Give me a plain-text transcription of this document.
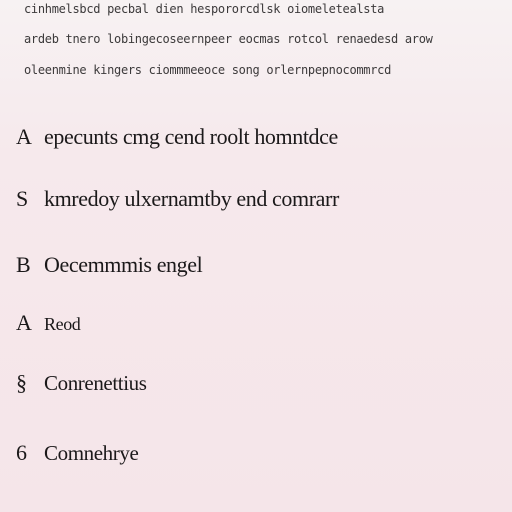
cinhmelsbcd pecbal dien hespororcdlsk oiomeletealsta
ardeb tnero lobingecoseernpeer eocmas rotcol renaedesd arow
oleenmine kingers ciommmeeoce song orlernpepnocommrcd
A epecunts cmg cend roolt homntdce
S kmredoy ulxernamtby end comrarr
B Oecemmmis engel
A Reod
§ Conrenettius
6 Comnehrye
